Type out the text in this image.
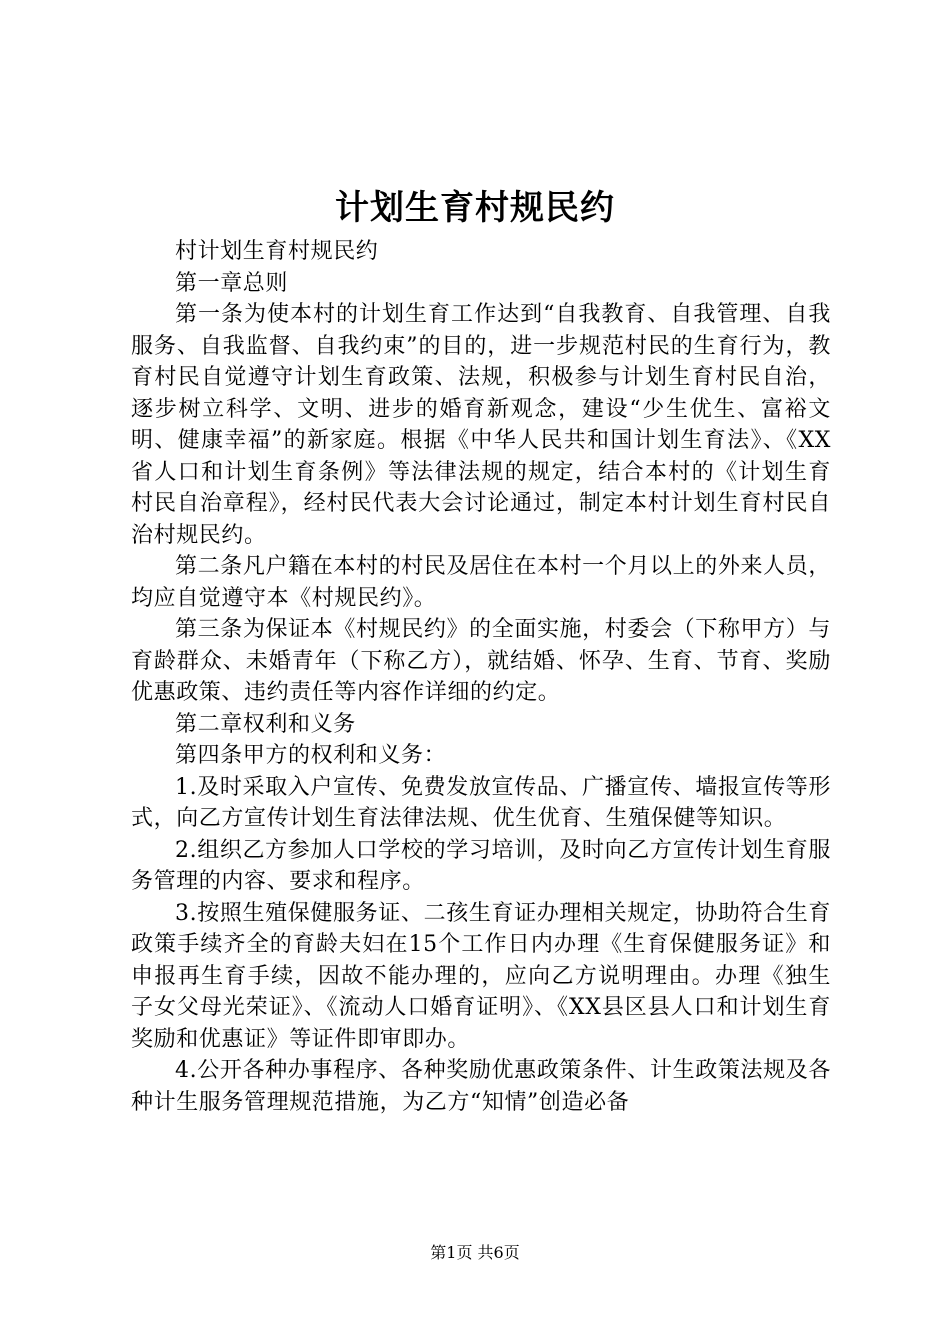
计划生育村规民约

村计划生育村规民约

第一章总则

第一条为使本村的计划生育工作达到“自我教育、自我管理、自我服务、自我监督、自我约束”的目的，进一步规范村民的生育行为，教育村民自觉遵守计划生育政策、法规，积极参与计划生育村民自治，逐步树立科学、文明、进步的婚育新观念，建设“少生优生、富裕文明、健康幸福”的新家庭。根据《中华人民共和国计划生育法》、《XX省人口和计划生育条例》等法律法规的规定，结合本村的《计划生育村民自治章程》，经村民代表大会讨论通过，制定本村计划生育村民自治村规民约。

第二条凡户籍在本村的村民及居住在本村一个月以上的外来人员，均应自觉遵守本《村规民约》。

第三条为保证本《村规民约》的全面实施，村委会（下称甲方）与育龄群众、未婚青年（下称乙方），就结婚、怀孕、生育、节育、奖励优惠政策、违约责任等内容作详细的约定。

第二章权利和义务

第四条甲方的权利和义务：

1.及时采取入户宣传、免费发放宣传品、广播宣传、墙报宣传等形式，向乙方宣传计划生育法律法规、优生优育、生殖保健等知识。

2.组织乙方参加人口学校的学习培训，及时向乙方宣传计划生育服务管理的内容、要求和程序。

3.按照生殖保健服务证、二孩生育证办理相关规定，协助符合生育政策手续齐全的育龄夫妇在15个工作日内办理《生育保健服务证》和申报再生育手续，因故不能办理的，应向乙方说明理由。办理《独生子女父母光荣证》、《流动人口婚育证明》、《XX县区县人口和计划生育奖励和优惠证》等证件即审即办。

4.公开各种办事程序、各种奖励优惠政策条件、计生政策法规及各种计生服务管理规范措施，为乙方“知情”创造必备

第1页 共6页
